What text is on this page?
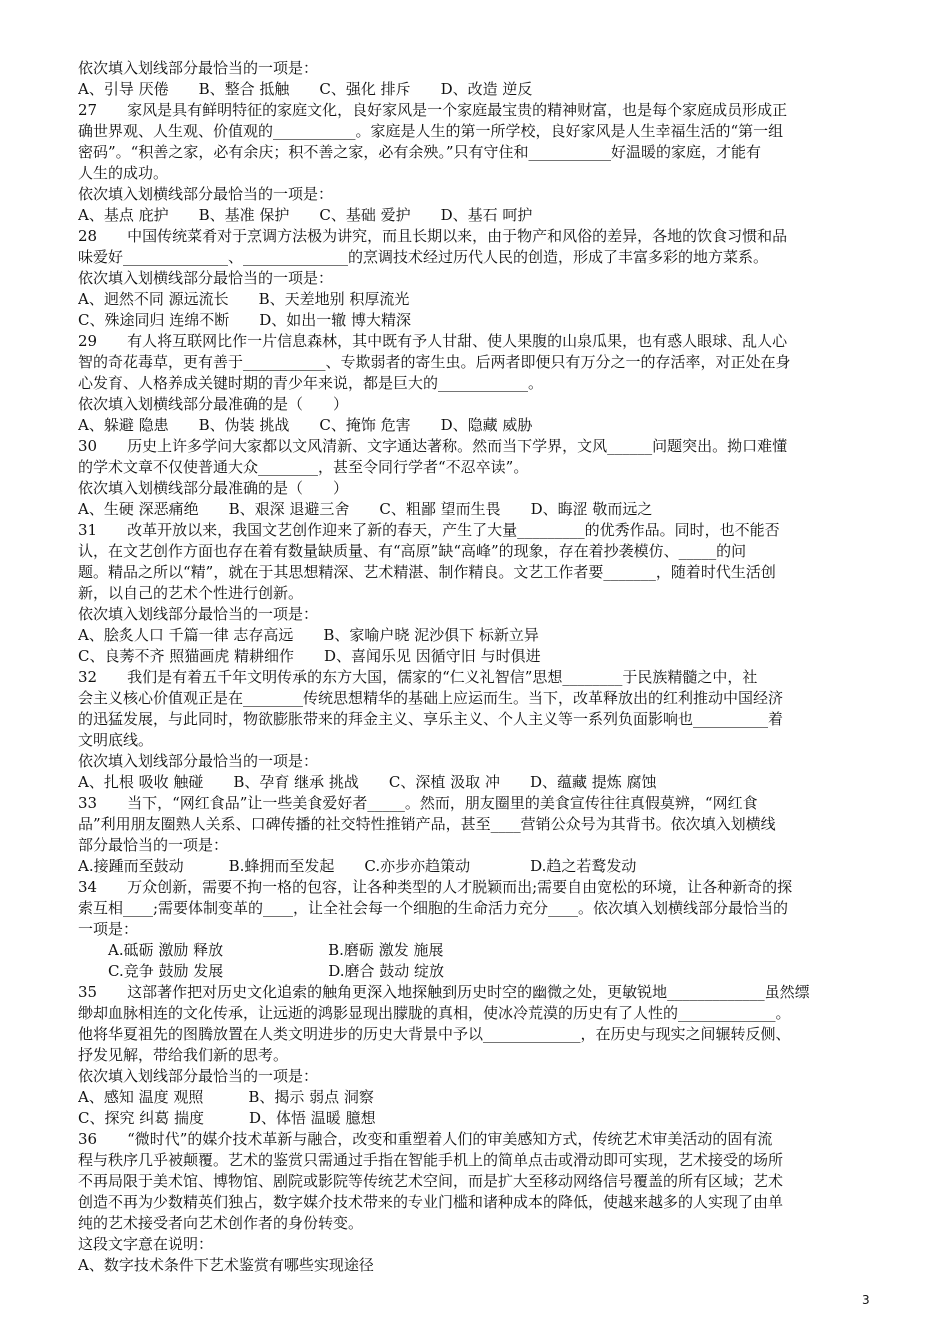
依次填入划线部分最恰当的一项是：
A、引导 厌倦　　B、整合 抵触　　C、强化 排斥　　D、改造 逆反
27　　家风是具有鲜明特征的家庭文化，良好家风是一个家庭最宝贵的精神财富，也是每个家庭成员形成正
确世界观、人生观、价值观的___________。家庭是人生的第一所学校，良好家风是人生幸福生活的“第一组
密码”。“积善之家，必有余庆；积不善之家，必有余殃。”只有守住和___________好温暖的家庭，才能有
人生的成功。
依次填入划横线部分最恰当的一项是：
A、基点 庇护　　B、基准 保护　　C、基础 爱护　　D、基石 呵护
28　　中国传统菜肴对于烹调方法极为讲究，而且长期以来，由于物产和风俗的差异，各地的饮食习惯和品
味爱好______________、______________的烹调技术经过历代人民的创造，形成了丰富多彩的地方菜系。
依次填入划横线部分最恰当的一项是：
A、迥然不同 源远流长　　B、天差地别 积厚流光
C、殊途同归 连绵不断　　D、如出一辙 博大精深
29　　有人将互联网比作一片信息森林，其中既有予人甘甜、使人果腹的山泉瓜果，也有惑人眼球、乱人心
智的奇花毒草，更有善于___________、专欺弱者的寄生虫。后两者即便只有万分之一的存活率，对正处在身
心发育、人格养成关键时期的青少年来说，都是巨大的____________。
依次填入划横线部分最准确的是（　　）
A、躲避 隐患　　B、伪装 挑战　　C、掩饰 危害　　D、隐藏 威胁
30　　历史上许多学问大家都以文风清新、文字通达著称。然而当下学界，文风______问题突出。拗口难懂
的学术文章不仅使普通大众________，甚至令同行学者“不忍卒读”。
依次填入划横线部分最准确的是（　　）
A、生硬 深恶痛绝　　B、艰深 退避三舍　　C、粗鄙 望而生畏　　D、晦涩 敬而远之
31　　改革开放以来，我国文艺创作迎来了新的春天，产生了大量_________的优秀作品。同时，也不能否
认，在文艺创作方面也存在着有数量缺质量、有“高原”缺“高峰”的现象，存在着抄袭模仿、_____的问
题。精品之所以“精”，就在于其思想精深、艺术精湛、制作精良。文艺工作者要_______，随着时代生活创
新，以自己的艺术个性进行创新。
依次填入划线部分最恰当的一项是：
A、脍炙人口 千篇一律 志存高远　　B、家喻户晓 泥沙俱下 标新立异
C、良莠不齐 照猫画虎 精耕细作　　D、喜闻乐见 因循守旧 与时俱进
32　　我们是有着五千年文明传承的东方大国，儒家的“仁义礼智信”思想________于民族精髓之中，社
会主义核心价值观正是在________传统思想精华的基础上应运而生。当下，改革释放出的红利推动中国经济
的迅猛发展，与此同时，物欲膨胀带来的拜金主义、享乐主义、个人主义等一系列负面影响也__________着
文明底线。
依次填入划线部分最恰当的一项是：
A、扎根 吸收 触碰　　B、孕育 继承 挑战　　C、深植 汲取 冲　　D、蕴藏 提炼 腐蚀
33　　当下，“网红食品”让一些美食爱好者_____。然而，朋友圈里的美食宣传往往真假莫辨，“网红食
品”利用朋友圈熟人关系、口碑传播的社交特性推销产品，甚至____营销公众号为其背书。依次填入划横线
部分最恰当的一项是：
A.接踵而至鼓动　　　B.蜂拥而至发起　　C.亦步亦趋策动　　　　D.趋之若鹜发动
34　　万众创新，需要不拘一格的包容，让各种类型的人才脱颖而出;需要自由宽松的环境，让各种新奇的探
索互相____;需要体制变革的____，让全社会每一个细胞的生命活力充分____。依次填入划横线部分最恰当的
一项是：
A.砥砺 激励 释放　　　　　　　B.磨砺 激发 施展
C.竞争 鼓励 发展　　　　　　　D.磨合 鼓动 绽放
35　　这部著作把对历史文化追索的触角更深入地探触到历史时空的幽微之处，更敏锐地_____________虽然缥
缈却血脉相连的文化传承，让远逝的鸿影显现出朦胧的真相，使冰冷荒漠的历史有了人性的_____________。
他将华夏祖先的图腾放置在人类文明进步的历史大背景中予以_____________，在历史与现实之间辗转反侧、
抒发见解，带给我们新的思考。
依次填入划线部分最恰当的一项是：
A、感知 温度 观照　　　B、揭示 弱点 洞察
C、探究 纠葛 揣度　　　D、体悟 温暖 臆想
36　　“微时代”的媒介技术革新与融合，改变和重塑着人们的审美感知方式，传统艺术审美活动的固有流
程与秩序几乎被颠覆。艺术的鉴赏只需通过手指在智能手机上的简单点击或滑动即可实现，艺术接受的场所
不再局限于美术馆、博物馆、剧院或影院等传统艺术空间，而是扩大至移动网络信号覆盖的所有区域；艺术
创造不再为少数精英们独占，数字媒介技术带来的专业门槛和诸种成本的降低，使越来越多的人实现了由单
纯的艺术接受者向艺术创作者的身份转变。
这段文字意在说明：
A、数字技术条件下艺术鉴赏有哪些实现途径
3
